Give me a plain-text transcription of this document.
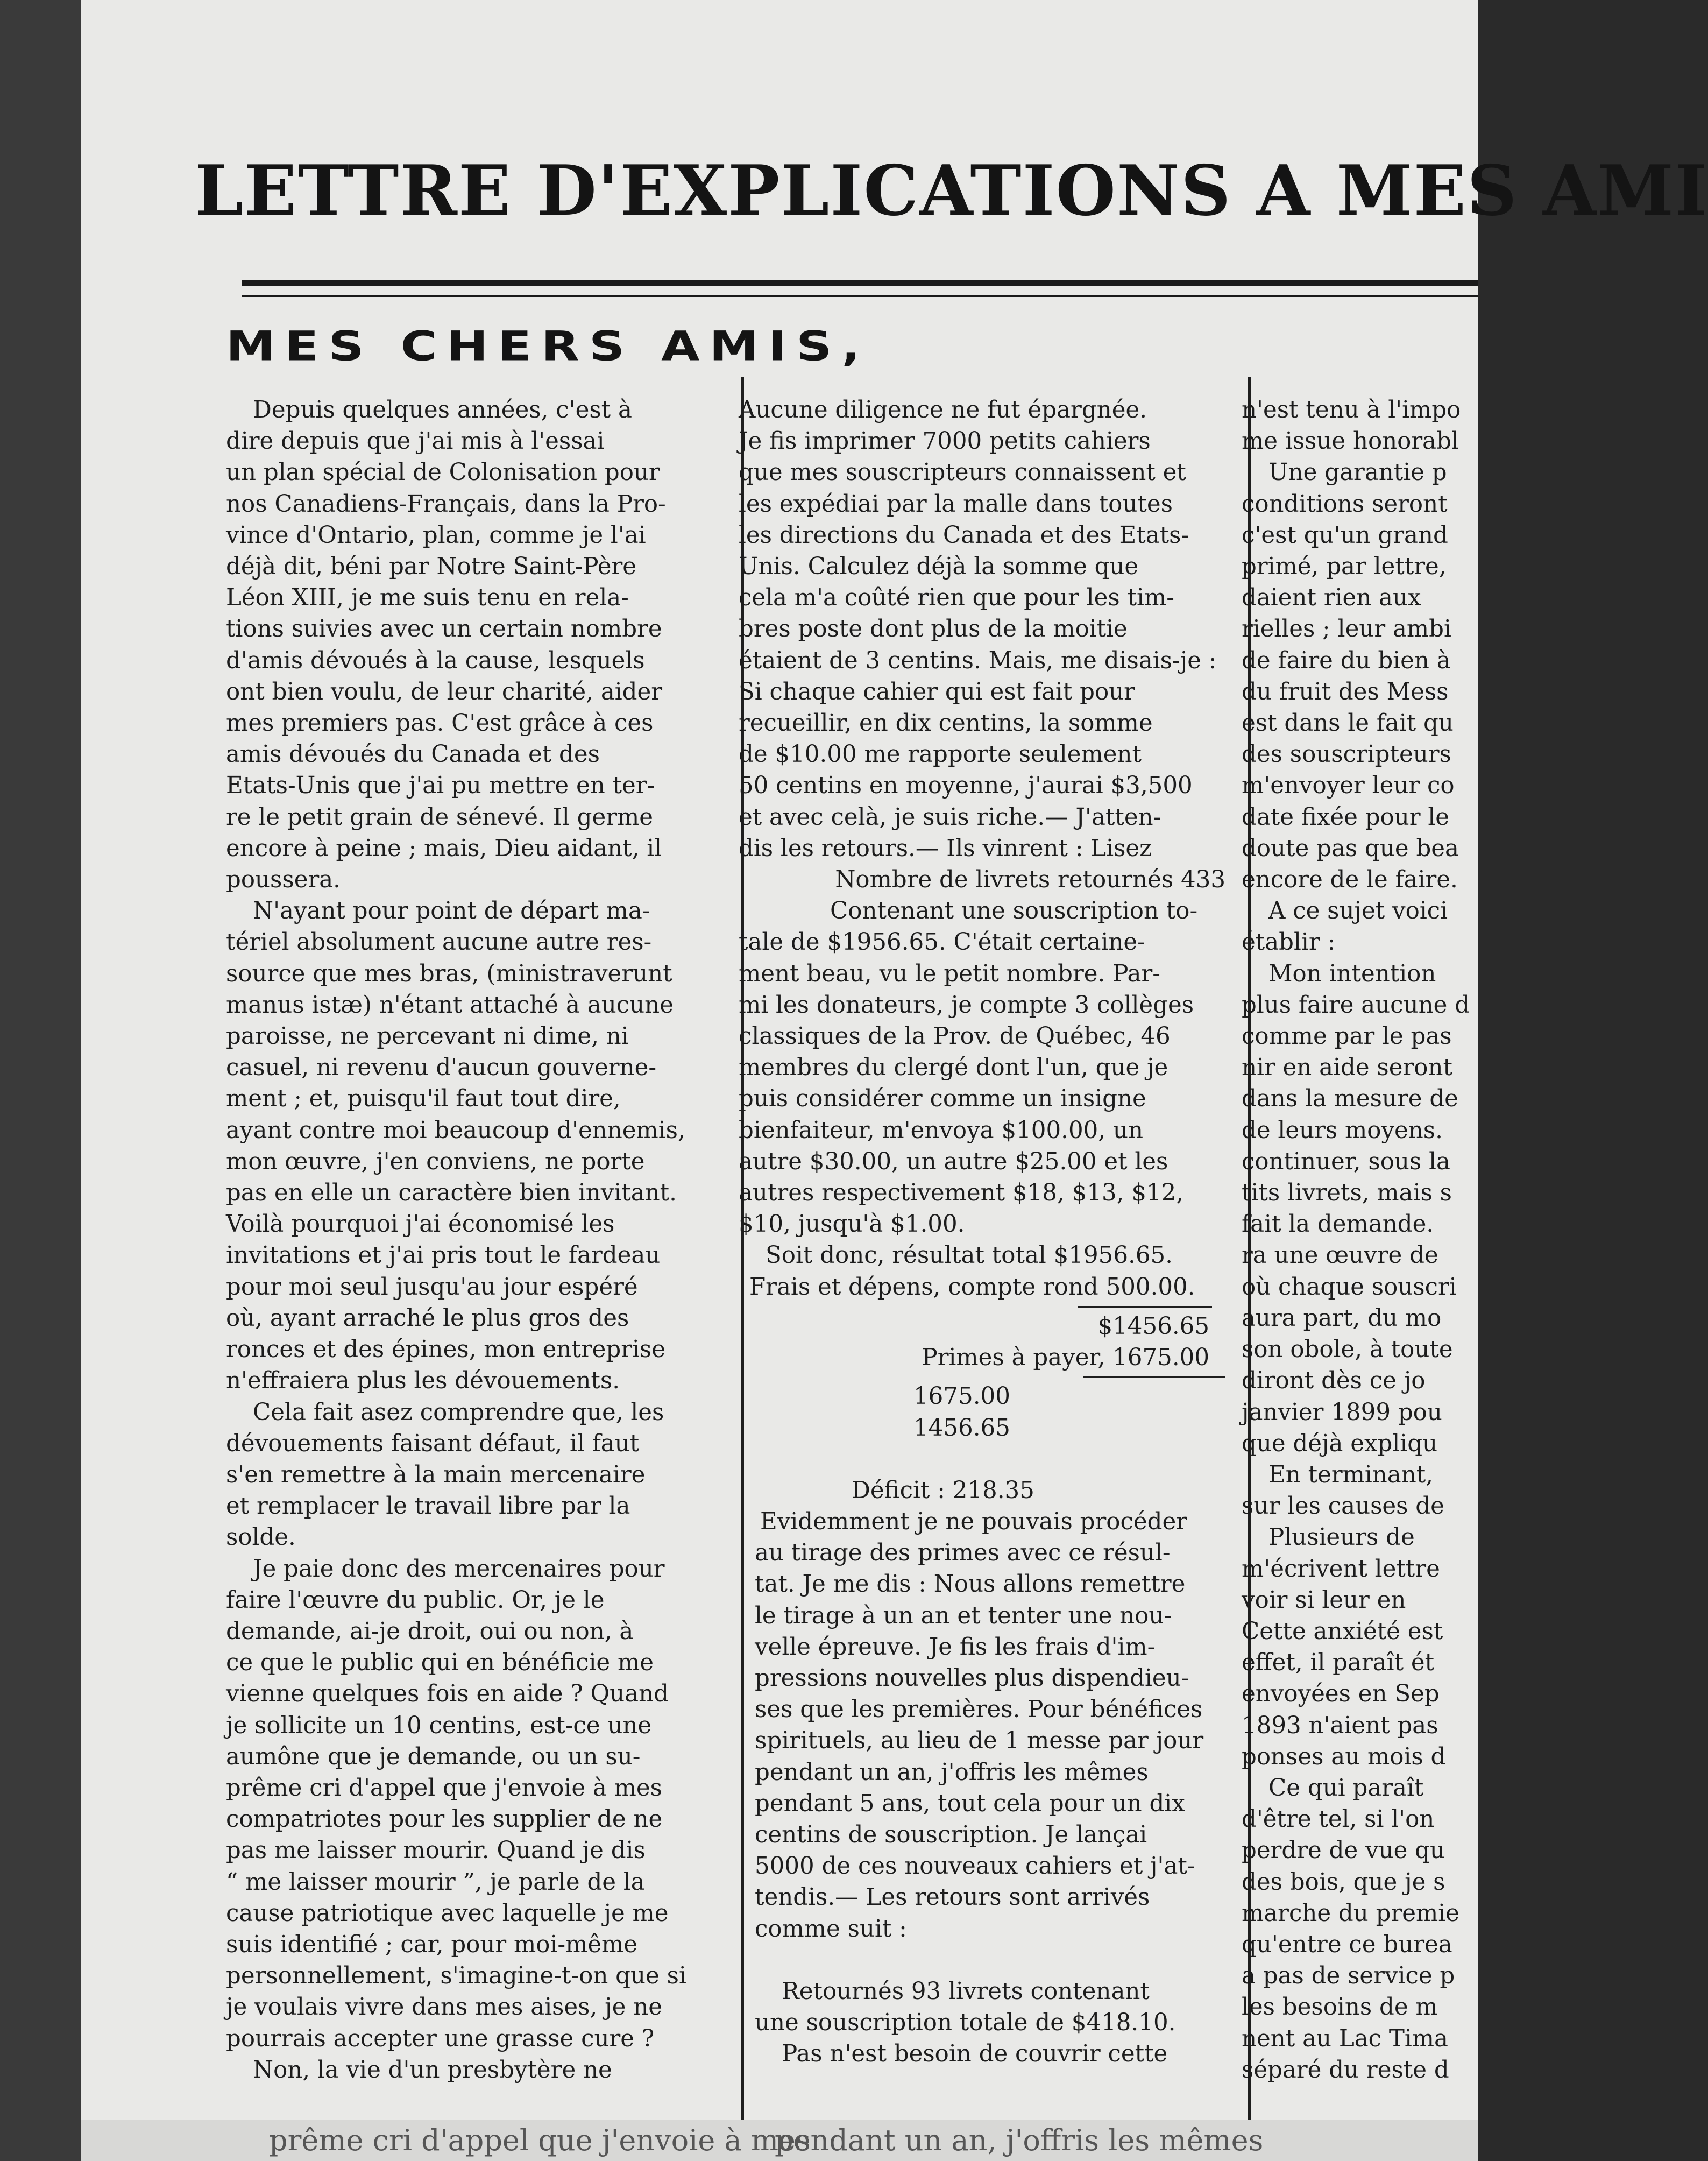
LETTRE D'EXPLICATIONS A MES AMI
MES CHERS AMIS,

Depuis quelques années, c'est à

dire depuis que j'ai mis à l'essai

un plan spécial de Colonisation pour

nos Canadiens-Français, dans la Pro-

vince d'Ontario, plan, comme je l'ai

déjà dit, béni par Notre Saint-Père

Léon XIII, je me suis tenu en rela-

tions suivies avec un certain nombre

d'amis dévoués à la cause, lesquels

ont bien voulu, de leur charité, aider

mes premiers pas. C'est grâce à ces

amis dévoués du Canada et des

Etats-Unis que j'ai pu mettre en ter-

re le petit grain de sénevé. Il germe

encore à peine ; mais, Dieu aidant, il

poussera.

N'ayant pour point de départ ma-

tériel absolument aucune autre res-

source que mes bras, (ministraverunt

manus istæ) n'étant attaché à aucune

paroisse, ne percevant ni dime, ni

casuel, ni revenu d'aucun gouverne-

ment ; et, puisqu'il faut tout dire,

ayant contre moi beaucoup d'ennemis,

mon œuvre, j'en conviens, ne porte

pas en elle un caractère bien invitant.

Voilà pourquoi j'ai économisé les

invitations et j'ai pris tout le fardeau

pour moi seul jusqu'au jour espéré

où, ayant arraché le plus gros des

ronces et des épines, mon entreprise

n'effraiera plus les dévouements.

Cela fait asez comprendre que, les

dévouements faisant défaut, il faut

s'en remettre à la main mercenaire

et remplacer le travail libre par la

solde.

Je paie donc des mercenaires pour

faire l'œuvre du public. Or, je le

demande, ai-je droit, oui ou non, à

ce que le public qui en bénéficie me

vienne quelques fois en aide ? Quand

je sollicite un 10 centins, est-ce une

aumône que je demande, ou un su-

prême cri d'appel que j'envoie à mes

compatriotes pour les supplier de ne

pas me laisser mourir. Quand je dis

“ me laisser mourir ”, je parle de la

cause patriotique avec laquelle je me

suis identifié ; car, pour moi-même

personnellement, s'imagine-t-on que si

je voulais vivre dans mes aises, je ne

pourrais accepter une grasse cure ?

Non, la vie d'un presbytère ne

Aucune diligence ne fut épargnée.

Je fis imprimer 7000 petits cahiers

que mes souscripteurs connaissent et

les expédiai par la malle dans toutes

les directions du Canada et des Etats-

Unis. Calculez déjà la somme que

cela m'a coûté rien que pour les tim-

bres poste dont plus de la moitie

étaient de 3 centins. Mais, me disais-je :

Si chaque cahier qui est fait pour

recueillir, en dix centins, la somme

de $10.00 me rapporte seulement

50 centins en moyenne, j'aurai $3,500

et avec celà, je suis riche.— J'atten-

dis les retours.— Ils vinrent : Lisez

Nombre de livrets retournés 433

Contenant une souscription to-

tale de $1956.65. C'était certaine-

ment beau, vu le petit nombre. Par-

mi les donateurs, je compte 3 collèges

classiques de la Prov. de Québec, 46

membres du clergé dont l'un, que je

puis considérer comme un insigne

bienfaiteur, m'envoya $100.00, un

autre $30.00, un autre $25.00 et les

autres respectivement $18, $13, $12,

$10, jusqu'à $1.00.

Soit donc, résultat total $1956.65.

Frais et dépens, compte rond 500.00.

$1456.65

Primes à payer, 1675.00

1675.00

1456.65

Déficit : 218.35

Evidemment je ne pouvais procéder

au tirage des primes avec ce résul-

tat. Je me dis : Nous allons remettre

le tirage à un an et tenter une nou-

velle épreuve. Je fis les frais d'im-

pressions nouvelles plus dispendieu-

ses que les premières. Pour bénéfices

spirituels, au lieu de 1 messe par jour

pendant un an, j'offris les mêmes

pendant 5 ans, tout cela pour un dix

centins de souscription. Je lançai

5000 de ces nouveaux cahiers et j'at-

tendis.— Les retours sont arrivés

comme suit :

Retournés 93 livrets contenant

une souscription totale de $418.10.

Pas n'est besoin de couvrir cette

n'est tenu à l'impo

me issue honorabl

Une garantie p

conditions seront

c'est qu'un grand

primé, par lettre,

daient rien aux

rielles ; leur ambi

de faire du bien à

du fruit des Mess

est dans le fait qu

des souscripteurs

m'envoyer leur co

date fixée pour le

doute pas que bea

encore de le faire.

A ce sujet voici

établir :

Mon intention

plus faire aucune d

comme par le pas

nir en aide seront

dans la mesure de

de leurs moyens.

continuer, sous la

tits livrets, mais s

fait la demande.

ra une œuvre de

où chaque souscri

aura part, du mo

son obole, à toute

diront dès ce jo

janvier 1899 pou

que déjà expliqu

En terminant,

sur les causes de

Plusieurs de

m'écrivent lettre

voir si leur en

Cette anxiété est

effet, il paraît ét

envoyées en Sep

1893 n'aient pas

ponses au mois d

Ce qui paraît

d'être tel, si l'on

perdre de vue qu

des bois, que je s

marche du premie

qu'entre ce burea

a pas de service p

les besoins de m

nent au Lac Tima

séparé du reste d

prême cri d'appel que j'envoie à mes
pendant un an, j'offris les mêmes
